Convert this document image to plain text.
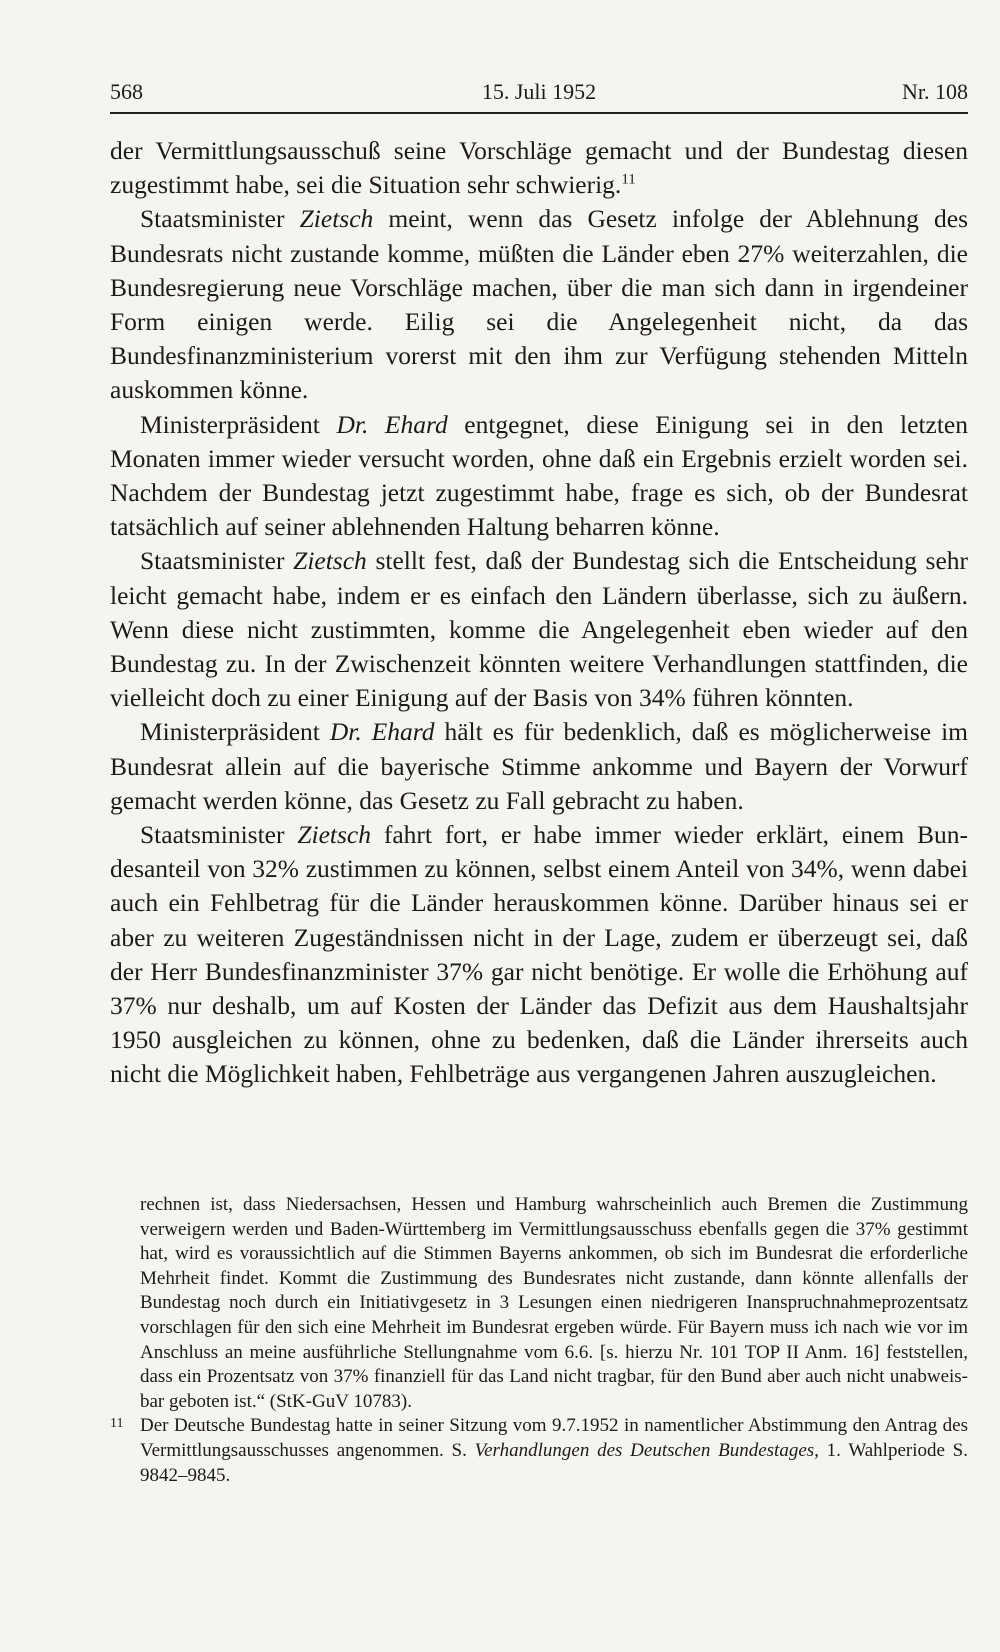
568	15. Juli 1952	Nr. 108

der Vermittlungsausschuß seine Vorschläge gemacht und der Bundestag diesen zugestimmt habe, sei die Situation sehr schwierig.$^{11}$

Staatsminister Zietsch meint, wenn das Gesetz infolge der Ablehnung des Bundesrats nicht zustande komme, müßten die Länder eben 27% weiterzahlen, die Bundesregierung neue Vorschläge machen, über die man sich dann in irgendeiner Form einigen werde. Eilig sei die Angelegenheit nicht, da das Bundesfinanzministerium vorerst mit den ihm zur Verfügung stehenden Mitteln auskommen könne.

Ministerpräsident Dr. Ehard entgegnet, diese Einigung sei in den letzten Monaten immer wieder versucht worden, ohne daß ein Ergebnis erzielt worden sei. Nachdem der Bundestag jetzt zugestimmt habe, frage es sich, ob der Bundesrat tatsächlich auf seiner ablehnenden Haltung beharren könne.

Staatsminister Zietsch stellt fest, daß der Bundestag sich die Entscheidung sehr leicht gemacht habe, indem er es einfach den Ländern überlasse, sich zu äußern. Wenn diese nicht zustimmten, komme die Angelegenheit eben wieder auf den Bundestag zu. In der Zwischenzeit könnten weitere Verhandlungen stattfinden, die vielleicht doch zu einer Einigung auf der Basis von 34% führen könnten.

Ministerpräsident Dr. Ehard hält es für bedenklich, daß es möglicherweise im Bundesrat allein auf die bayerische Stimme ankomme und Bayern der Vorwurf gemacht werden könne, das Gesetz zu Fall gebracht zu haben.

Staatsminister Zietsch fahrt fort, er habe immer wieder erklärt, einem Bundesanteil von 32% zustimmen zu können, selbst einem Anteil von 34%, wenn dabei auch ein Fehlbetrag für die Länder herauskommen könne. Darüber hinaus sei er aber zu weiteren Zugeständnissen nicht in der Lage, zudem er überzeugt sei, daß der Herr Bundesfinanzminister 37% gar nicht benötige. Er wolle die Erhöhung auf 37% nur deshalb, um auf Kosten der Länder das Defizit aus dem Haushaltsjahr 1950 ausgleichen zu können, ohne zu bedenken, daß die Länder ihrerseits auch nicht die Möglichkeit haben, Fehlbeträge aus vergangenen Jahren auszugleichen.

rechnen ist, dass Niedersachsen, Hessen und Hamburg wahrscheinlich auch Bremen die Zustimmung verweigern werden und Baden-Württemberg im Vermittlungsausschuss ebenfalls gegen die 37% gestimmt hat, wird es voraussichtlich auf die Stimmen Bayerns ankommen, ob sich im Bundesrat die erforderliche Mehrheit findet. Kommt die Zustimmung des Bundesrates nicht zustande, dann könnte allenfalls der Bundestag noch durch ein Initiativgesetz in 3 Lesungen einen niedrigeren Inanspruchnahmeprozentsatz vorschlagen für den sich eine Mehrheit im Bundesrat ergeben würde. Für Bayern muss ich nach wie vor im Anschluss an meine ausführliche Stellungnahme vom 6.6. [s. hierzu Nr. 101 TOP II Anm. 16] feststellen, dass ein Prozentsatz von 37% finanziell für das Land nicht tragbar, für den Bund aber auch nicht unabweisbar geboten ist.“ (StK-GuV 10783).

11 Der Deutsche Bundestag hatte in seiner Sitzung vom 9.7.1952 in namentlicher Abstimmung den Antrag des Vermittlungsausschusses angenommen. S. Verhandlungen des Deutschen Bundestages, 1. Wahlperiode S. 9842–9845.
